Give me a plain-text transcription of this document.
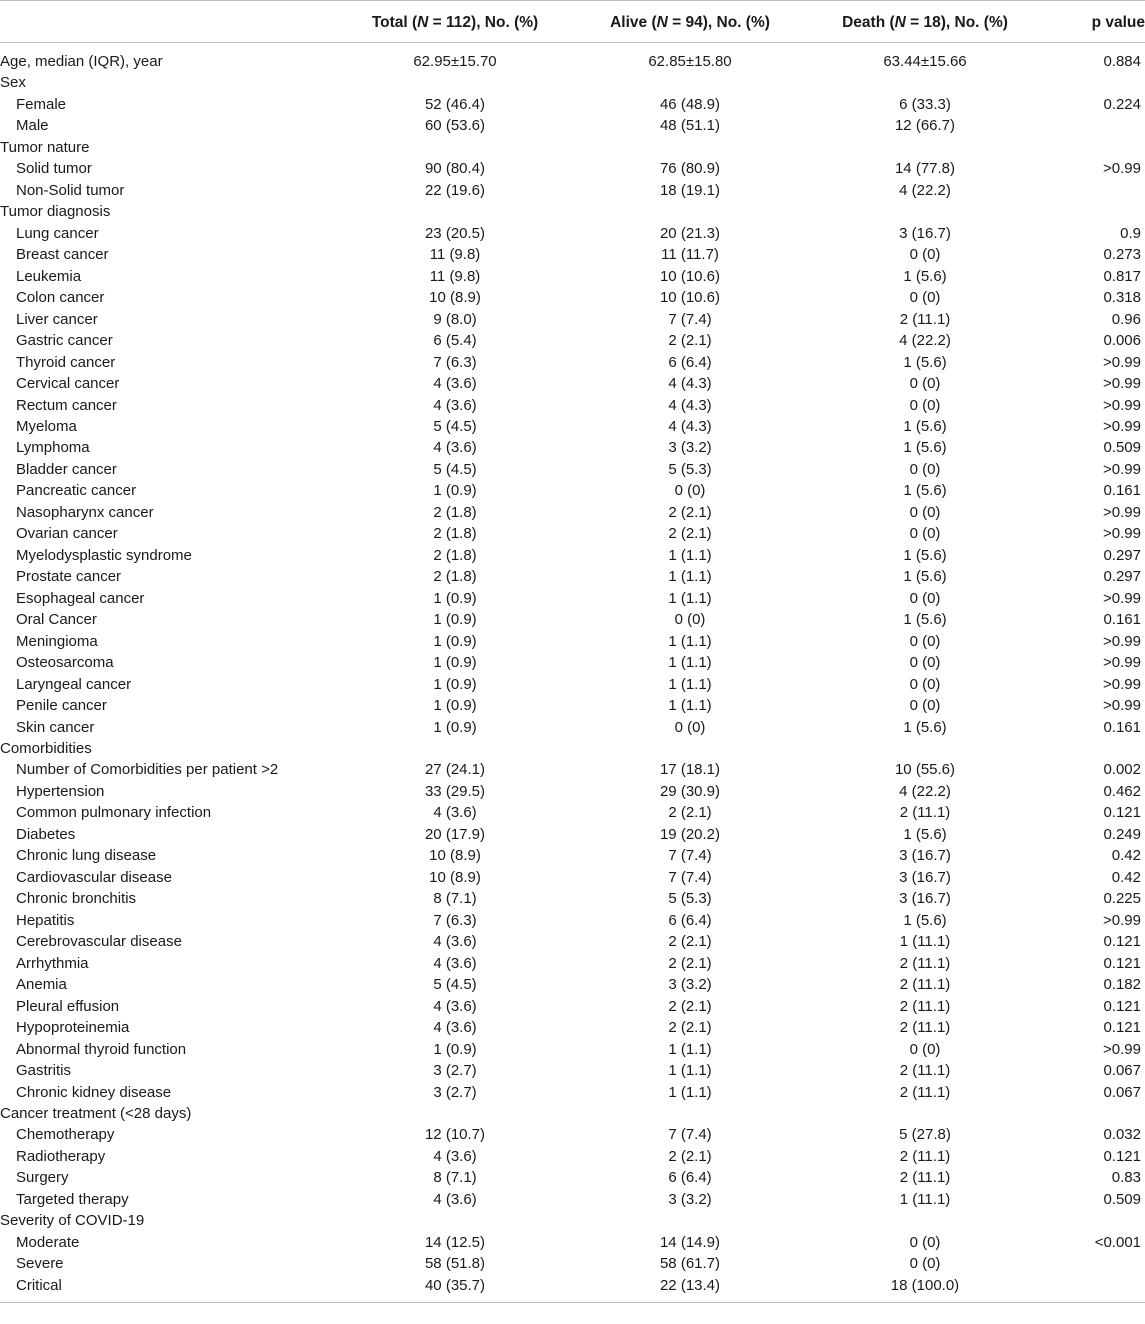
	Total (N = 112), No. (%)	Alive (N = 94), No. (%)	Death (N = 18), No. (%)	p value
Age, median (IQR), year	62.95±15.70	62.85±15.80	63.44±15.66	0.884
Sex				
Female	52 (46.4)	46 (48.9)	6 (33.3)	0.224
Male	60 (53.6)	48 (51.1)	12 (66.7)	
Tumor nature				
Solid tumor	90 (80.4)	76 (80.9)	14 (77.8)	>0.99
Non-Solid tumor	22 (19.6)	18 (19.1)	4 (22.2)	
Tumor diagnosis				
Lung cancer	23 (20.5)	20 (21.3)	3 (16.7)	0.9
Breast cancer	11 (9.8)	11 (11.7)	0 (0)	0.273
Leukemia	11 (9.8)	10 (10.6)	1 (5.6)	0.817
Colon cancer	10 (8.9)	10 (10.6)	0 (0)	0.318
Liver cancer	9 (8.0)	7 (7.4)	2 (11.1)	0.96
Gastric cancer	6 (5.4)	2 (2.1)	4 (22.2)	0.006
Thyroid cancer	7 (6.3)	6 (6.4)	1 (5.6)	>0.99
Cervical cancer	4 (3.6)	4 (4.3)	0 (0)	>0.99
Rectum cancer	4 (3.6)	4 (4.3)	0 (0)	>0.99
Myeloma	5 (4.5)	4 (4.3)	1 (5.6)	>0.99
Lymphoma	4 (3.6)	3 (3.2)	1 (5.6)	0.509
Bladder cancer	5 (4.5)	5 (5.3)	0 (0)	>0.99
Pancreatic cancer	1 (0.9)	0 (0)	1 (5.6)	0.161
Nasopharynx cancer	2 (1.8)	2 (2.1)	0 (0)	>0.99
Ovarian cancer	2 (1.8)	2 (2.1)	0 (0)	>0.99
Myelodysplastic syndrome	2 (1.8)	1 (1.1)	1 (5.6)	0.297
Prostate cancer	2 (1.8)	1 (1.1)	1 (5.6)	0.297
Esophageal cancer	1 (0.9)	1 (1.1)	0 (0)	>0.99
Oral Cancer	1 (0.9)	0 (0)	1 (5.6)	0.161
Meningioma	1 (0.9)	1 (1.1)	0 (0)	>0.99
Osteosarcoma	1 (0.9)	1 (1.1)	0 (0)	>0.99
Laryngeal cancer	1 (0.9)	1 (1.1)	0 (0)	>0.99
Penile cancer	1 (0.9)	1 (1.1)	0 (0)	>0.99
Skin cancer	1 (0.9)	0 (0)	1 (5.6)	0.161
Comorbidities				
Number of Comorbidities per patient >2	27 (24.1)	17 (18.1)	10 (55.6)	0.002
Hypertension	33 (29.5)	29 (30.9)	4 (22.2)	0.462
Common pulmonary infection	4 (3.6)	2 (2.1)	2 (11.1)	0.121
Diabetes	20 (17.9)	19 (20.2)	1 (5.6)	0.249
Chronic lung disease	10 (8.9)	7 (7.4)	3 (16.7)	0.42
Cardiovascular disease	10 (8.9)	7 (7.4)	3 (16.7)	0.42
Chronic bronchitis	8 (7.1)	5 (5.3)	3 (16.7)	0.225
Hepatitis	7 (6.3)	6 (6.4)	1 (5.6)	>0.99
Cerebrovascular disease	4 (3.6)	2 (2.1)	1 (11.1)	0.121
Arrhythmia	4 (3.6)	2 (2.1)	2 (11.1)	0.121
Anemia	5 (4.5)	3 (3.2)	2 (11.1)	0.182
Pleural effusion	4 (3.6)	2 (2.1)	2 (11.1)	0.121
Hypoproteinemia	4 (3.6)	2 (2.1)	2 (11.1)	0.121
Abnormal thyroid function	1 (0.9)	1 (1.1)	0 (0)	>0.99
Gastritis	3 (2.7)	1 (1.1)	2 (11.1)	0.067
Chronic kidney disease	3 (2.7)	1 (1.1)	2 (11.1)	0.067
Cancer treatment (<28 days)				
Chemotherapy	12 (10.7)	7 (7.4)	5 (27.8)	0.032
Radiotherapy	4 (3.6)	2 (2.1)	2 (11.1)	0.121
Surgery	8 (7.1)	6 (6.4)	2 (11.1)	0.83
Targeted therapy	4 (3.6)	3 (3.2)	1 (11.1)	0.509
Severity of COVID-19				
Moderate	14 (12.5)	14 (14.9)	0 (0)	<0.001
Severe	58 (51.8)	58 (61.7)	0 (0)	
Critical	40 (35.7)	22 (13.4)	18 (100.0)	
